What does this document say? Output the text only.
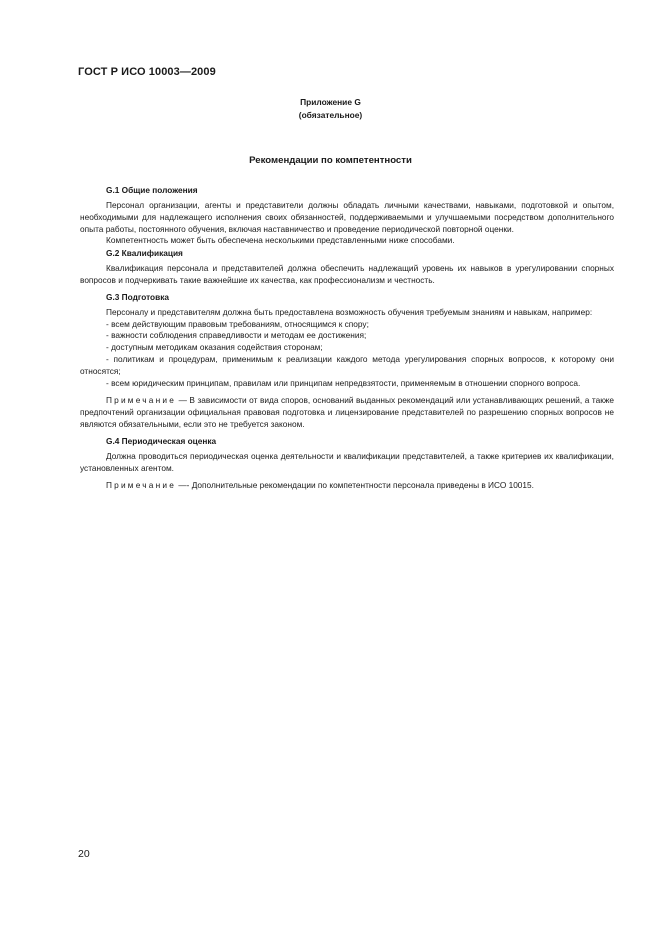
ГОСТ Р ИСО 10003—2009
Приложение G
(обязательное)
Рекомендации по компетентности
G.1 Общие положения

Персонал организации, агенты и представители должны обладать личными качествами, навыками, подготовкой и опытом, необходимыми для надлежащего исполнения своих обязанностей, поддерживаемыми и улучшаемыми посредством дополнительного опыта работы, постоянного обучения, включая наставничество и проведение периодической повторной оценки.

Компетентность может быть обеспечена несколькими представленными ниже способами.

G.2 Квалификация

Квалификация персонала и представителей должна обеспечить надлежащий уровень их навыков в урегулировании спорных вопросов и подчеркивать такие важнейшие их качества, как профессионализм и честность.

G.3 Подготовка

Персоналу и представителям должна быть предоставлена возможность обучения требуемым знаниям и навыкам, например:

- всем действующим правовым требованиям, относящимся к спору;

- важности соблюдения справедливости и методам ее достижения;

- доступным методикам оказания содействия сторонам;

- политикам и процедурам, применимым к реализации каждого метода урегулирования спорных вопросов, к которому они относятся;

- всем юридическим принципам, правилам или принципам непредвзятости, применяемым в отношении спорного вопроса.

Примечание — В зависимости от вида споров, оснований выданных рекомендаций или устанавливающих решений, а также предпочтений организации официальная правовая подготовка и лицензирование представителей по разрешению спорных вопросов не являются обязательными, если это не требуется законом.

G.4 Периодическая оценка

Должна проводиться периодическая оценка деятельности и квалификации представителей, а также критериев их квалификации, установленных агентом.

Примечание —- Дополнительные рекомендации по компетентности персонала приведены в ИСО 10015.

20
